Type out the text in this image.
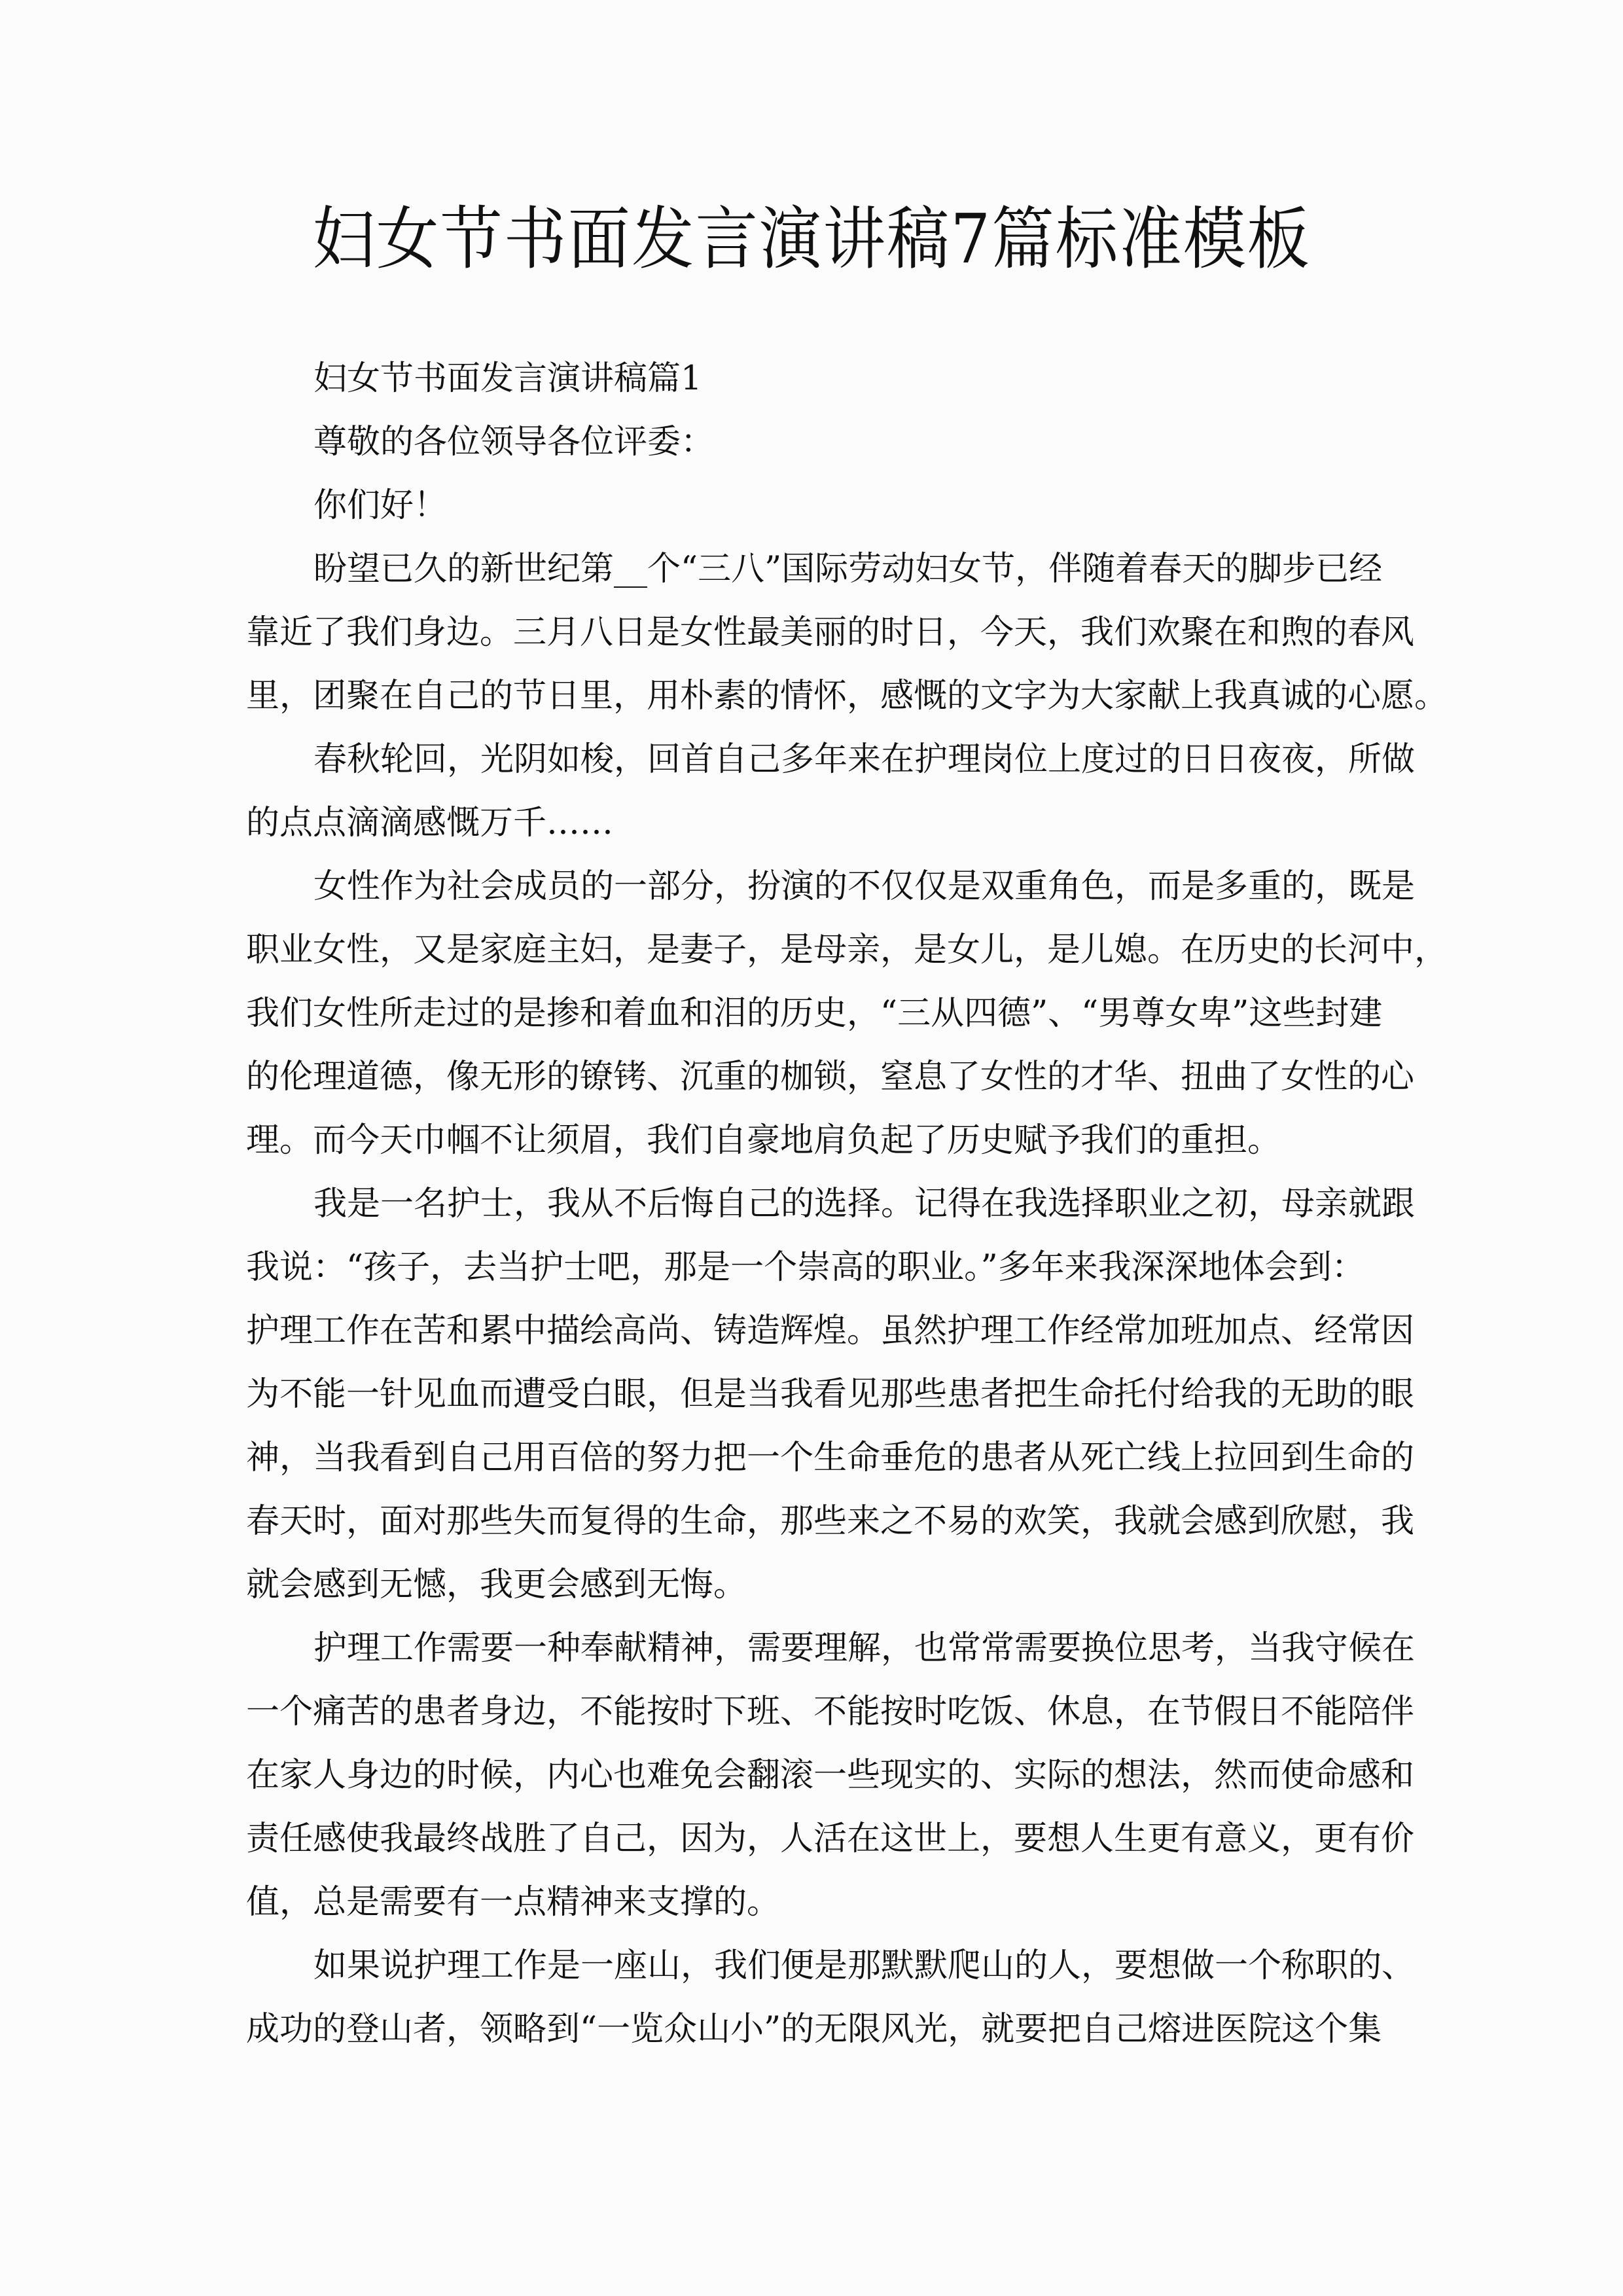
妇女节书面发言演讲稿7篇标准模板
妇女节书面发言演讲稿篇1
尊敬的各位领导各位评委：
你们好！
盼望已久的新世纪第__个“三八”国际劳动妇女节，伴随着春天的脚步已经
靠近了我们身边。三月八日是女性最美丽的时日，今天，我们欢聚在和煦的春风
里，团聚在自己的节日里，用朴素的情怀，感慨的文字为大家献上我真诚的心愿。
春秋轮回，光阴如梭，回首自己多年来在护理岗位上度过的日日夜夜，所做
的点点滴滴感慨万千……
女性作为社会成员的一部分，扮演的不仅仅是双重角色，而是多重的，既是
职业女性，又是家庭主妇，是妻子，是母亲，是女儿，是儿媳。在历史的长河中，
我们女性所走过的是掺和着血和泪的历史，“三从四德”、“男尊女卑”这些封建
的伦理道德，像无形的镣铐、沉重的枷锁，窒息了女性的才华、扭曲了女性的心
理。而今天巾帼不让须眉，我们自豪地肩负起了历史赋予我们的重担。
我是一名护士，我从不后悔自己的选择。记得在我选择职业之初，母亲就跟
我说：“孩子，去当护士吧，那是一个崇高的职业。”多年来我深深地体会到：
护理工作在苦和累中描绘高尚、铸造辉煌。虽然护理工作经常加班加点、经常因
为不能一针见血而遭受白眼，但是当我看见那些患者把生命托付给我的无助的眼
神，当我看到自己用百倍的努力把一个生命垂危的患者从死亡线上拉回到生命的
春天时，面对那些失而复得的生命，那些来之不易的欢笑，我就会感到欣慰，我
就会感到无憾，我更会感到无悔。
护理工作需要一种奉献精神，需要理解，也常常需要换位思考，当我守候在
一个痛苦的患者身边，不能按时下班、不能按时吃饭、休息，在节假日不能陪伴
在家人身边的时候，内心也难免会翻滚一些现实的、实际的想法，然而使命感和
责任感使我最终战胜了自己，因为，人活在这世上，要想人生更有意义，更有价
值，总是需要有一点精神来支撑的。
如果说护理工作是一座山，我们便是那默默爬山的人，要想做一个称职的、
成功的登山者，领略到“一览众山小”的无限风光，就要把自己熔进医院这个集
